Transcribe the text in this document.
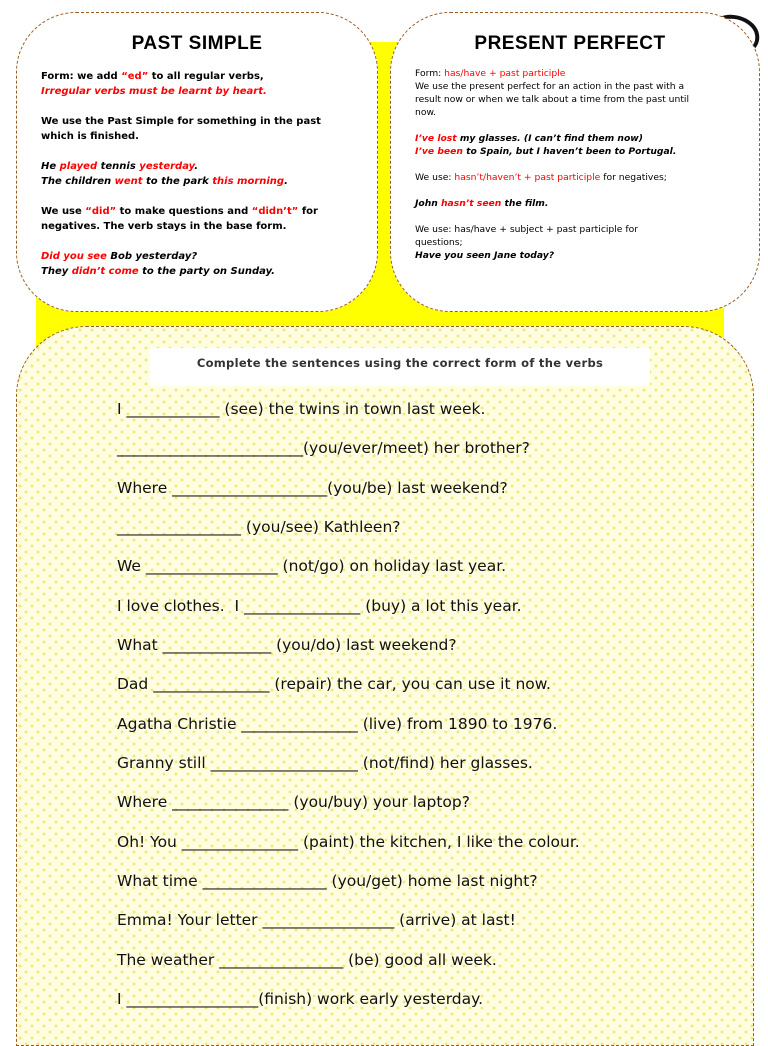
PAST SIMPLE

Form: we add “ed” to all regular verbs,

Irregular verbs must be learnt by heart.

We use the Past Simple for something in the past

which is finished.

He played tennis yesterday.

The children went to the park this morning.

We use “did” to make questions and “didn’t” for

negatives. The verb stays in the base form.

Did you see Bob yesterday?

They didn’t come to the party on Sunday.

PRESENT PERFECT

Form: has/have + past participle

We use the present perfect for an action in the past with a

result now or when we talk about a time from the past until

now.

I’ve lost my glasses. (I can’t find them now)

I’ve been to Spain, but I haven’t been to Portugal.

We use: hasn’t/haven’t + past participle for negatives;

John hasn’t seen the film.

We use: has/have + subject + past participle for

questions;

Have you seen Jane today?

Complete the sentences using the correct form of the verbs
I ____________ (see) the twins in town last week.
________________________(you/ever/meet) her brother?
Where ____________________(you/be) last weekend?
________________ (you/see) Kathleen?
We _________________ (not/go) on holiday last year.
I love clothes.  I _______________ (buy) a lot this year.
What ______________ (you/do) last weekend?
Dad _______________ (repair) the car, you can use it now.
Agatha Christie _______________ (live) from 1890 to 1976.
Granny still ___________________ (not/find) her glasses.
Where _______________ (you/buy) your laptop?
Oh! You _______________ (paint) the kitchen, I like the colour.
What time ________________ (you/get) home last night?
Emma! Your letter _________________ (arrive) at last!
The weather ________________ (be) good all week.
I _________________(finish) work early yesterday.
